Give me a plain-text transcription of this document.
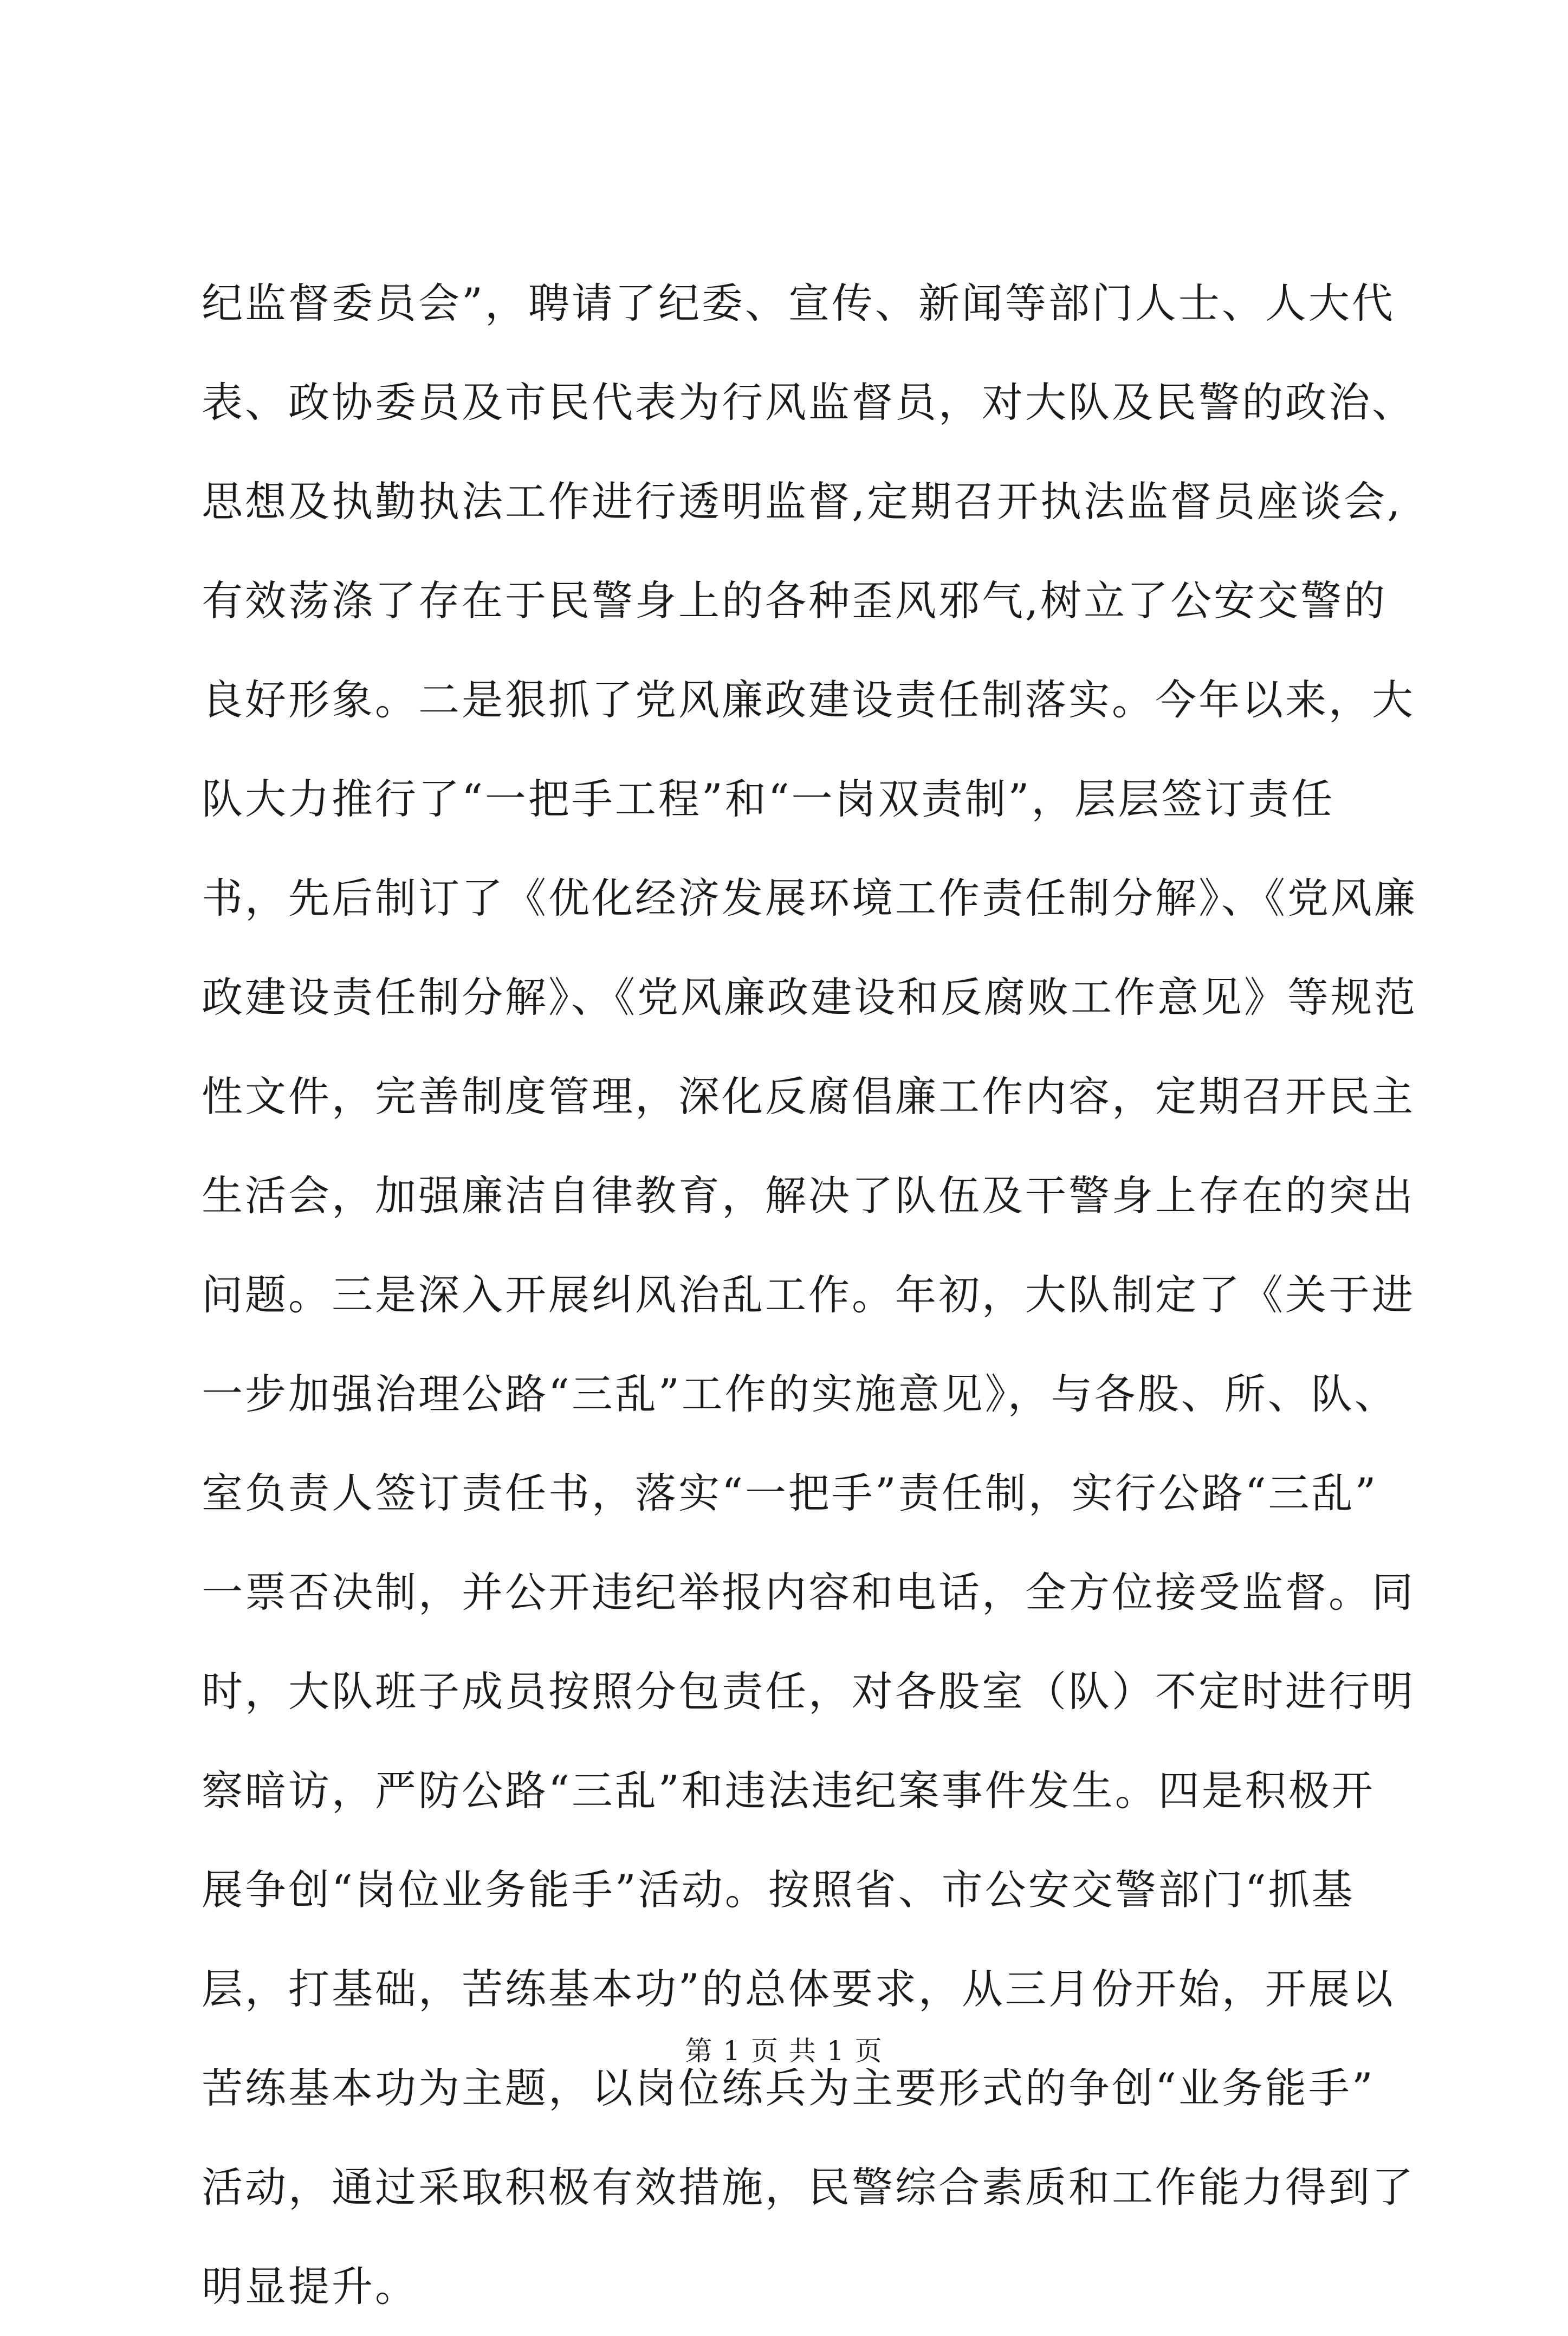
纪监督委员会”，聘请了纪委、宣传、新闻等部门人士、人大代
表、政协委员及市民代表为行风监督员，对大队及民警的政治、
思想及执勤执法工作进行透明监督,定期召开执法监督员座谈会,
有效荡涤了存在于民警身上的各种歪风邪气,树立了公安交警的
良好形象。二是狠抓了党风廉政建设责任制落实。今年以来，大
队大力推行了“一把手工程”和“一岗双责制”，层层签订责任
书，先后制订了《优化经济发展环境工作责任制分解》、《党风廉
政建设责任制分解》、《党风廉政建设和反腐败工作意见》等规范
性文件，完善制度管理，深化反腐倡廉工作内容，定期召开民主
生活会，加强廉洁自律教育，解决了队伍及干警身上存在的突出
问题。三是深入开展纠风治乱工作。年初，大队制定了《关于进
一步加强治理公路“三乱”工作的实施意见》，与各股、所、队、
室负责人签订责任书，落实“一把手”责任制，实行公路“三乱”
一票否决制，并公开违纪举报内容和电话，全方位接受监督。同
时，大队班子成员按照分包责任，对各股室（队）不定时进行明
察暗访，严防公路“三乱”和违法违纪案事件发生。四是积极开
展争创“岗位业务能手”活动。按照省、市公安交警部门“抓基
层，打基础，苦练基本功”的总体要求，从三月份开始，开展以
苦练基本功为主题，以岗位练兵为主要形式的争创“业务能手”
活动，通过采取积极有效措施，民警综合素质和工作能力得到了
明显提升。
第 1 页 共 1 页
